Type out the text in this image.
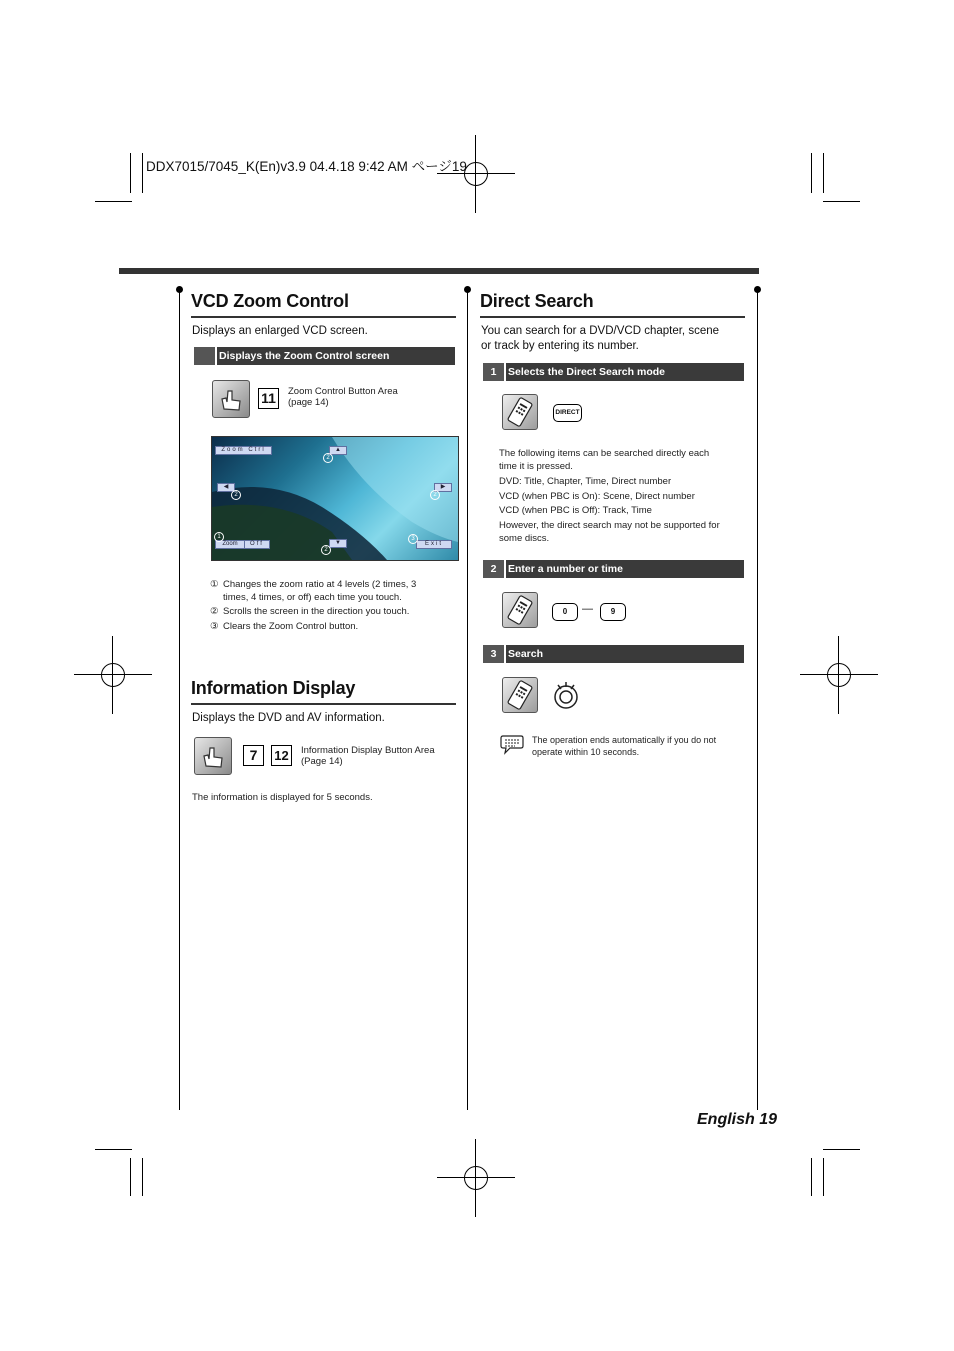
DDX7015/7045_K(En)v3.9 04.4.18 9:42 AM ページ19
VCD Zoom Control
Displays an enlarged VCD screen.
Displays the Zoom Control screen
11	Zoom Control Button Area
(page 14)
Zoom Ctrl	▲
◀	▶
▼
Zoom	Off	Exit
2
2	2
2
1	3
① Changes the zoom ratio at 4 levels (2 times, 3
times, 4 times, or off) each time you touch.
② Scrolls the screen in the direction you touch.
③ Clears the Zoom Control button.
Information Display
Displays the DVD and AV information.
7	12	Information Display Button Area
(Page 14)
The information is displayed for 5 seconds.
Direct Search
You can search for a DVD/VCD chapter, scene
or track by entering its number.
1	Selects the Direct Search mode
DIRECT
The following items can be searched directly each
time it is pressed.
DVD: Title, Chapter, Time, Direct number
VCD (when PBC is On): Scene, Direct number
VCD (when PBC is Off): Track, Time
However, the direct search may not be supported for
some discs.
2	Enter a number or time
0	—	9
3	Search
The operation ends automatically if you do not
operate within 10 seconds.
English 19
